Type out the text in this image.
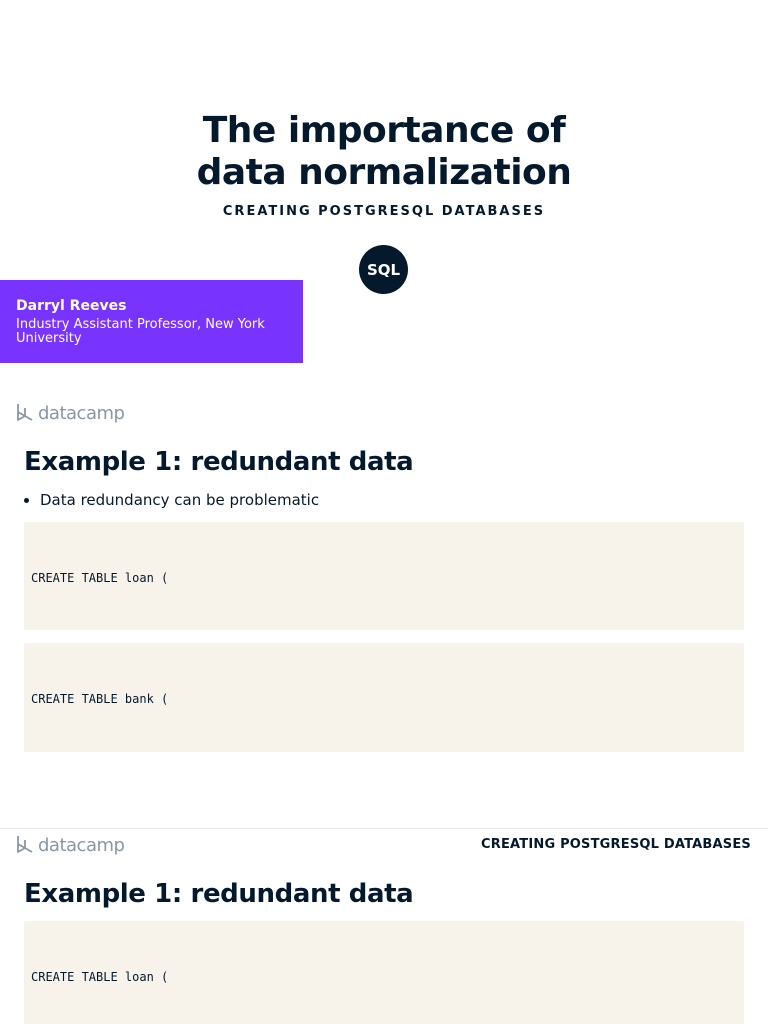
The importance of
data normalization
CREATING POSTGRESQL DATABASES
SQL
Darryl Reeves
Industry Assistant Professor, New York University
datacamp
Example 1: redundant data
Data redundancy can be problematic

CREATE TABLE loan (

CREATE TABLE bank (

datacamp	CREATING POSTGRESQL DATABASES
Example 1: redundant data

CREATE TABLE loan (
